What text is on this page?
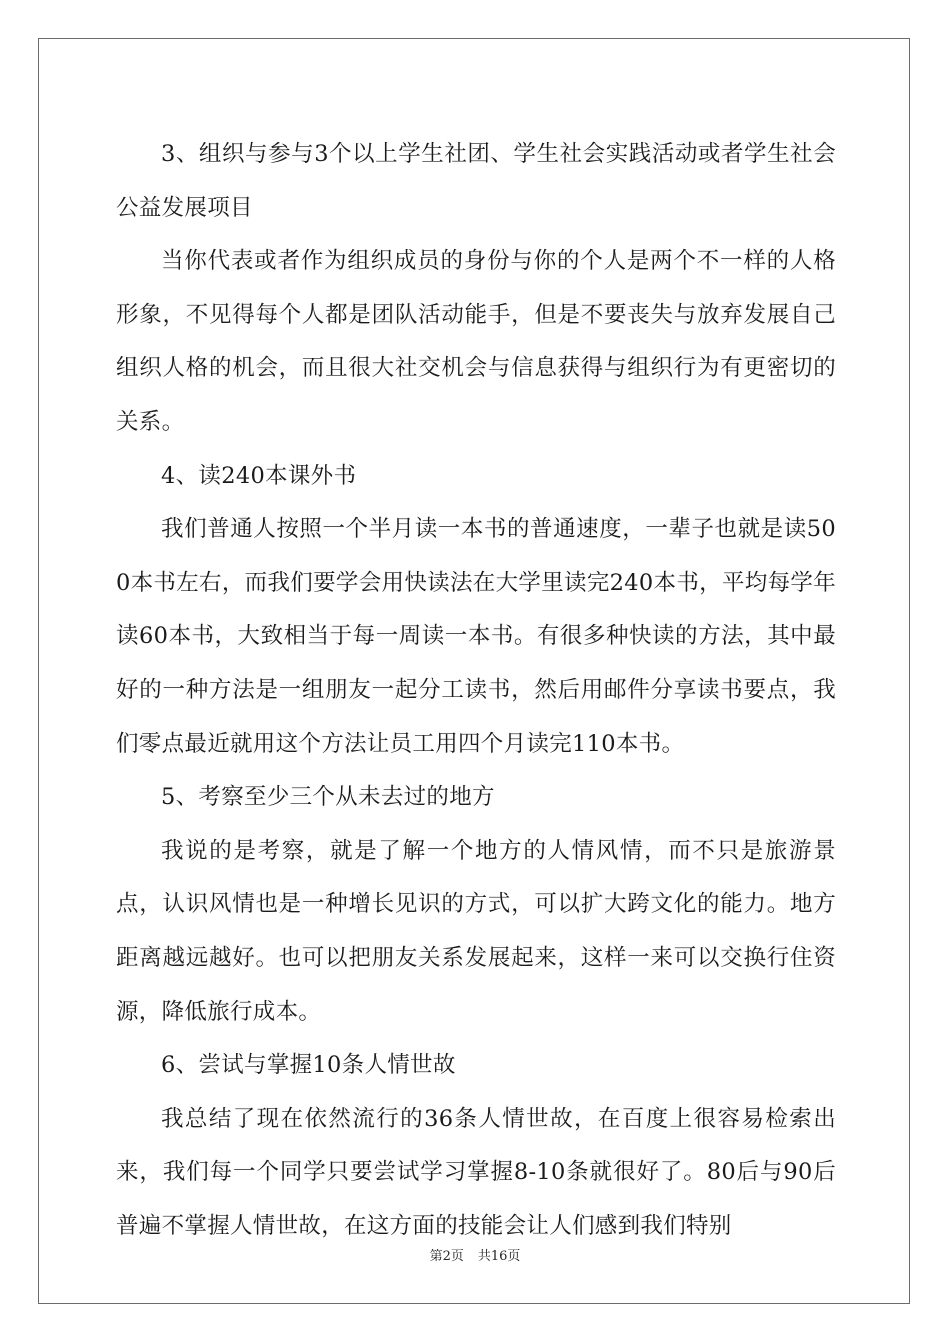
3、组织与参与3个以上学生社团、学生社会实践活动或者学生社会公益发展项目

当你代表或者作为组织成员的身份与你的个人是两个不一样的人格形象，不见得每个人都是团队活动能手，但是不要丧失与放弃发展自己组织人格的机会，而且很大社交机会与信息获得与组织行为有更密切的关系。

4、读240本课外书

我们普通人按照一个半月读一本书的普通速度，一辈子也就是读500本书左右，而我们要学会用快读法在大学里读完240本书，平均每学年读60本书，大致相当于每一周读一本书。有很多种快读的方法，其中最好的一种方法是一组朋友一起分工读书，然后用邮件分享读书要点，我们零点最近就用这个方法让员工用四个月读完110本书。

5、考察至少三个从未去过的地方

我说的是考察，就是了解一个地方的人情风情，而不只是旅游景点，认识风情也是一种增长见识的方式，可以扩大跨文化的能力。地方距离越远越好。也可以把朋友关系发展起来，这样一来可以交换行住资源，降低旅行成本。

6、尝试与掌握10条人情世故

我总结了现在依然流行的36条人情世故，在百度上很容易检索出来，我们每一个同学只要尝试学习掌握8-10条就很好了。80后与90后普遍不掌握人情世故，在这方面的技能会让人们感到我们特别

第2页 共16页
